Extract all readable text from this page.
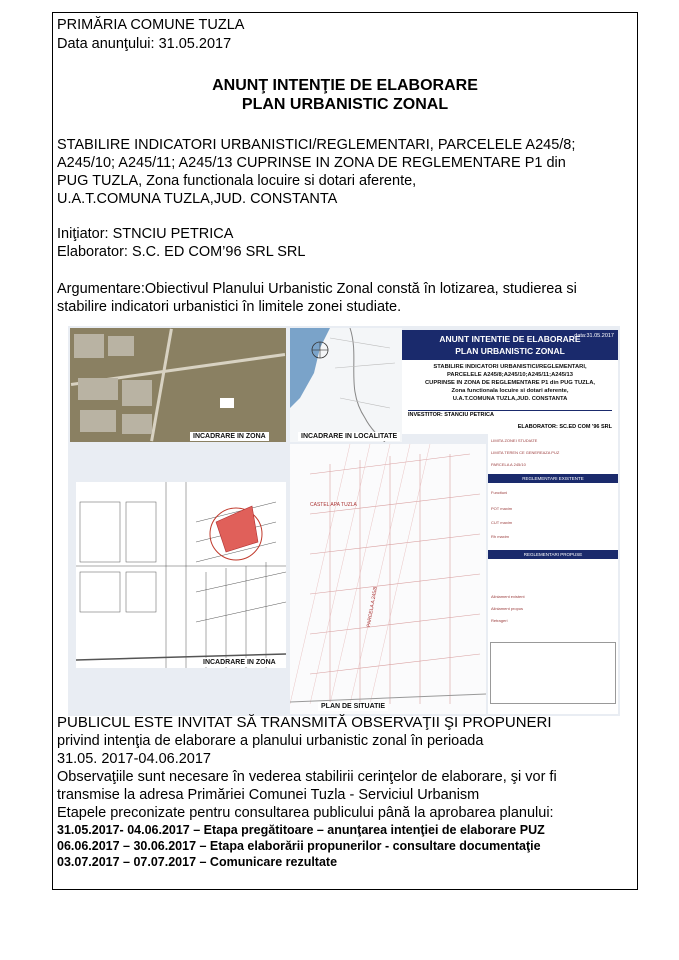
PRIMĂRIA COMUNE TUZLA
Data anunţului: 31.05.2017
ANUNŢ INTENŢIE DE ELABORARE
PLAN URBANISTIC ZONAL
STABILIRE INDICATORI URBANISTICI/REGLEMENTARI, PARCELELE A245/8;
A245/10; A245/11; A245/13 CUPRINSE IN ZONA DE REGLEMENTARE P1 din
PUG TUZLA, Zona functionala locuire si dotari aferente,
U.A.T.COMUNA TUZLA,JUD. CONSTANTA
Iniţiator: STNCIU PETRICA
Elaborator: S.C. ED COM’96 SRL SRL
Argumentare:Obiectivul Planului Urbanistic Zonal constă în lotizarea, studierea si
stabilire indicatori urbanistici în limitele zonei studiate.
INCADRARE IN ZONA	INCADRARE IN LOCALITATE
ANUNT INTENTIE DE ELABORARE
PLAN URBANISTIC ZONAL
data:31.05.2017
STABILIRE INDICATORI URBANISTICI/REGLEMENTARI,
PARCELELE A245/8;A245/10;A245/11;A245/13
CUPRINSE IN ZONA DE REGLEMENTARE P1 din PUG TUZLA,
Zona functionala locuire si dotari aferente,
U.A.T.COMUNA TUZLA,JUD. CONSTANTA
INVESTITOR: STANCIU PETRICA
ELABORATOR: SC.ED COM '96 SRL
INCADRARE IN ZONA
CASTEL APA TUZLA
PARCELA A 245/8
PLAN DE SITUATIE
LIMITA ZONEI STUDIATE
LIMITA TEREN CE GENEREAZA PUZ
PARCELA A 245/10
REGLEMENTARI EXISTENTE
Functiuni
POT maxim
CUT maxim
Rh maxim
REGLEMENTARI PROPUSE
Aliniament existent
Aliniament propus
Retrageri
PUBLICUL ESTE INVITAT SĂ TRANSMITĂ OBSERVAŢII ŞI PROPUNERI
privind intenţia de elaborare a planului urbanistic zonal în perioada
31.05. 2017-04.06.2017
Observaţiile sunt necesare în vederea stabilirii cerinţelor de elaborare, şi vor fi
transmise la adresa Primăriei Comunei Tuzla - Serviciul Urbanism
Etapele preconizate pentru consultarea publicului până la aprobarea planului:
31.05.2017- 04.06.2017 – Etapa pregătitoare – anunţarea intenţiei de elaborare PUZ
06.06.2017 – 30.06.2017 – Etapa elaborării propunerilor - consultare documentaţie
03.07.2017 – 07.07.2017 – Comunicare rezultate
